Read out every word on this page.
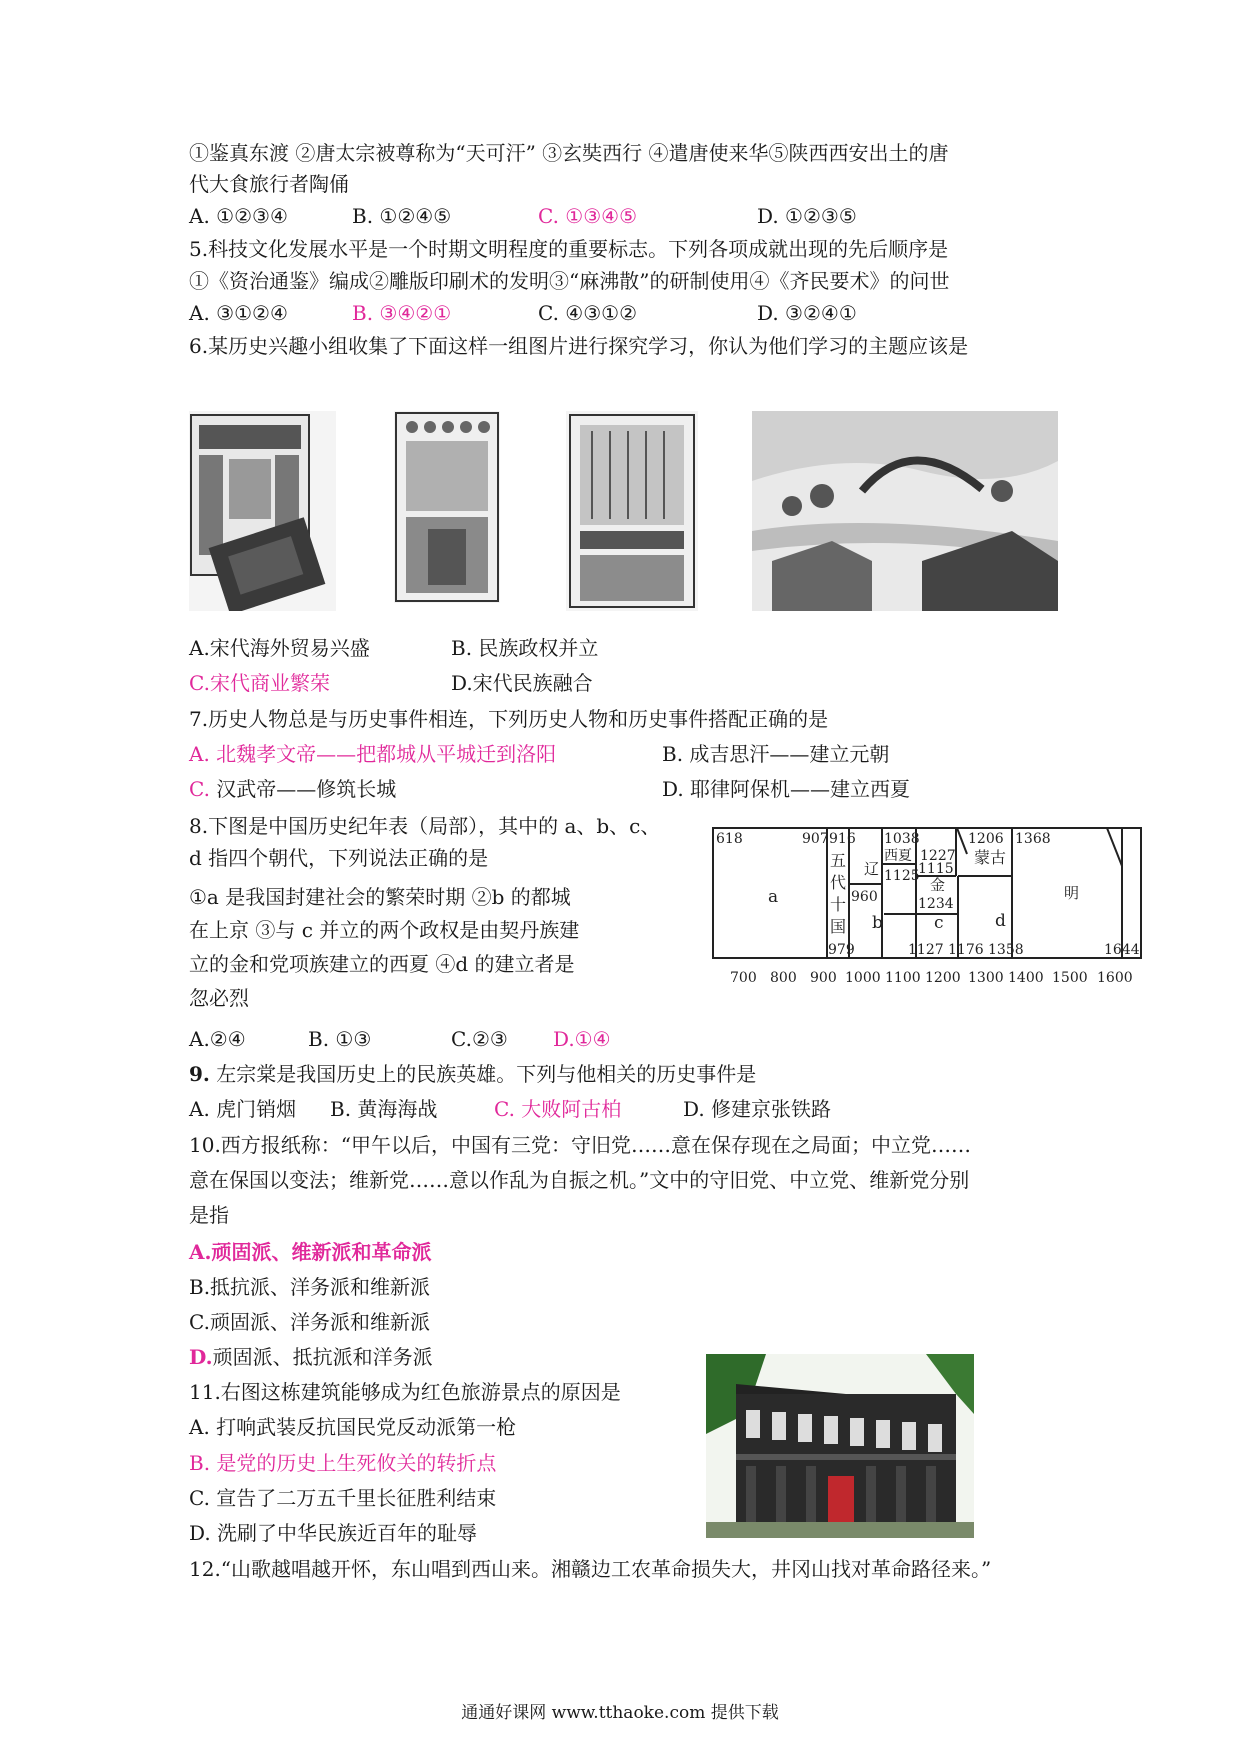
①鉴真东渡 ②唐太宗被尊称为“天可汗” ③玄奘西行 ④遣唐使来华⑤陕西西安出土的唐
代大食旅行者陶俑
A. ①②③④	B. ①②④⑤	C. ①③④⑤	D. ①②③⑤
5.科技文化发展水平是一个时期文明程度的重要标志。下列各项成就出现的先后顺序是
①《资治通鉴》编成②雕版印刷术的发明③“麻沸散”的研制使用④《齐民要术》的问世
A. ③①②④	B. ③④②①	C. ④③①②	D. ③②④①
6.某历史兴趣小组收集了下面这样一组图片进行探究学习，你认为他们学习的主题应该是
A.宋代海外贸易兴盛	B. 民族政权并立
C.宋代商业繁荣	D.宋代民族融合
7.历史人物总是与历史事件相连，下列历史人物和历史事件搭配正确的是
A. 北魏孝文帝——把都城从平城迁到洛阳	B. 成吉思汗——建立元朝
C. 汉武帝——修筑长城	D. 耶律阿保机——建立西夏
8.下图是中国历史纪年表（局部），其中的 a、b、c、
d 指四个朝代，下列说法正确的是
①a 是我国封建社会的繁荣时期 ②b 的都城
在上京 ③与 c 并立的两个政权是由契丹族建
立的金和党项族建立的西夏 ④d 的建立者是
忽必烈
A.②④	B. ①③	C.②③ D.①④
618	907 916 1038	1206 1368
西夏 1227 蒙古
辽 1125
1115
金
1234
960
五
代
十
国
979	1127 1176 1358	1644
a
b	c	d
明
700 800 900 1000 1100 1200 1300 1400 1500 1600
9. 左宗棠是我国历史上的民族英雄。下列与他相关的历史事件是
A. 虎门销烟 B. 黄海海战	C. 大败阿古柏	D. 修建京张铁路
10.西方报纸称：“甲午以后，中国有三党：守旧党……意在保存现在之局面；中立党……
意在保国以变法；维新党……意以作乱为自振之机。”文中的守旧党、中立党、维新党分别
是指
A.顽固派、维新派和革命派
B.抵抗派、洋务派和维新派
C.顽固派、洋务派和维新派
D.顽固派、抵抗派和洋务派
11.右图这栋建筑能够成为红色旅游景点的原因是
A. 打响武装反抗国民党反动派第一枪
B. 是党的历史上生死攸关的转折点
C. 宣告了二万五千里长征胜利结束
D. 洗刷了中华民族近百年的耻辱
12.“山歌越唱越开怀，东山唱到西山来。湘赣边工农革命损失大，井冈山找对革命路径来。”
通通好课网 www.tthaoke.com 提供下载
